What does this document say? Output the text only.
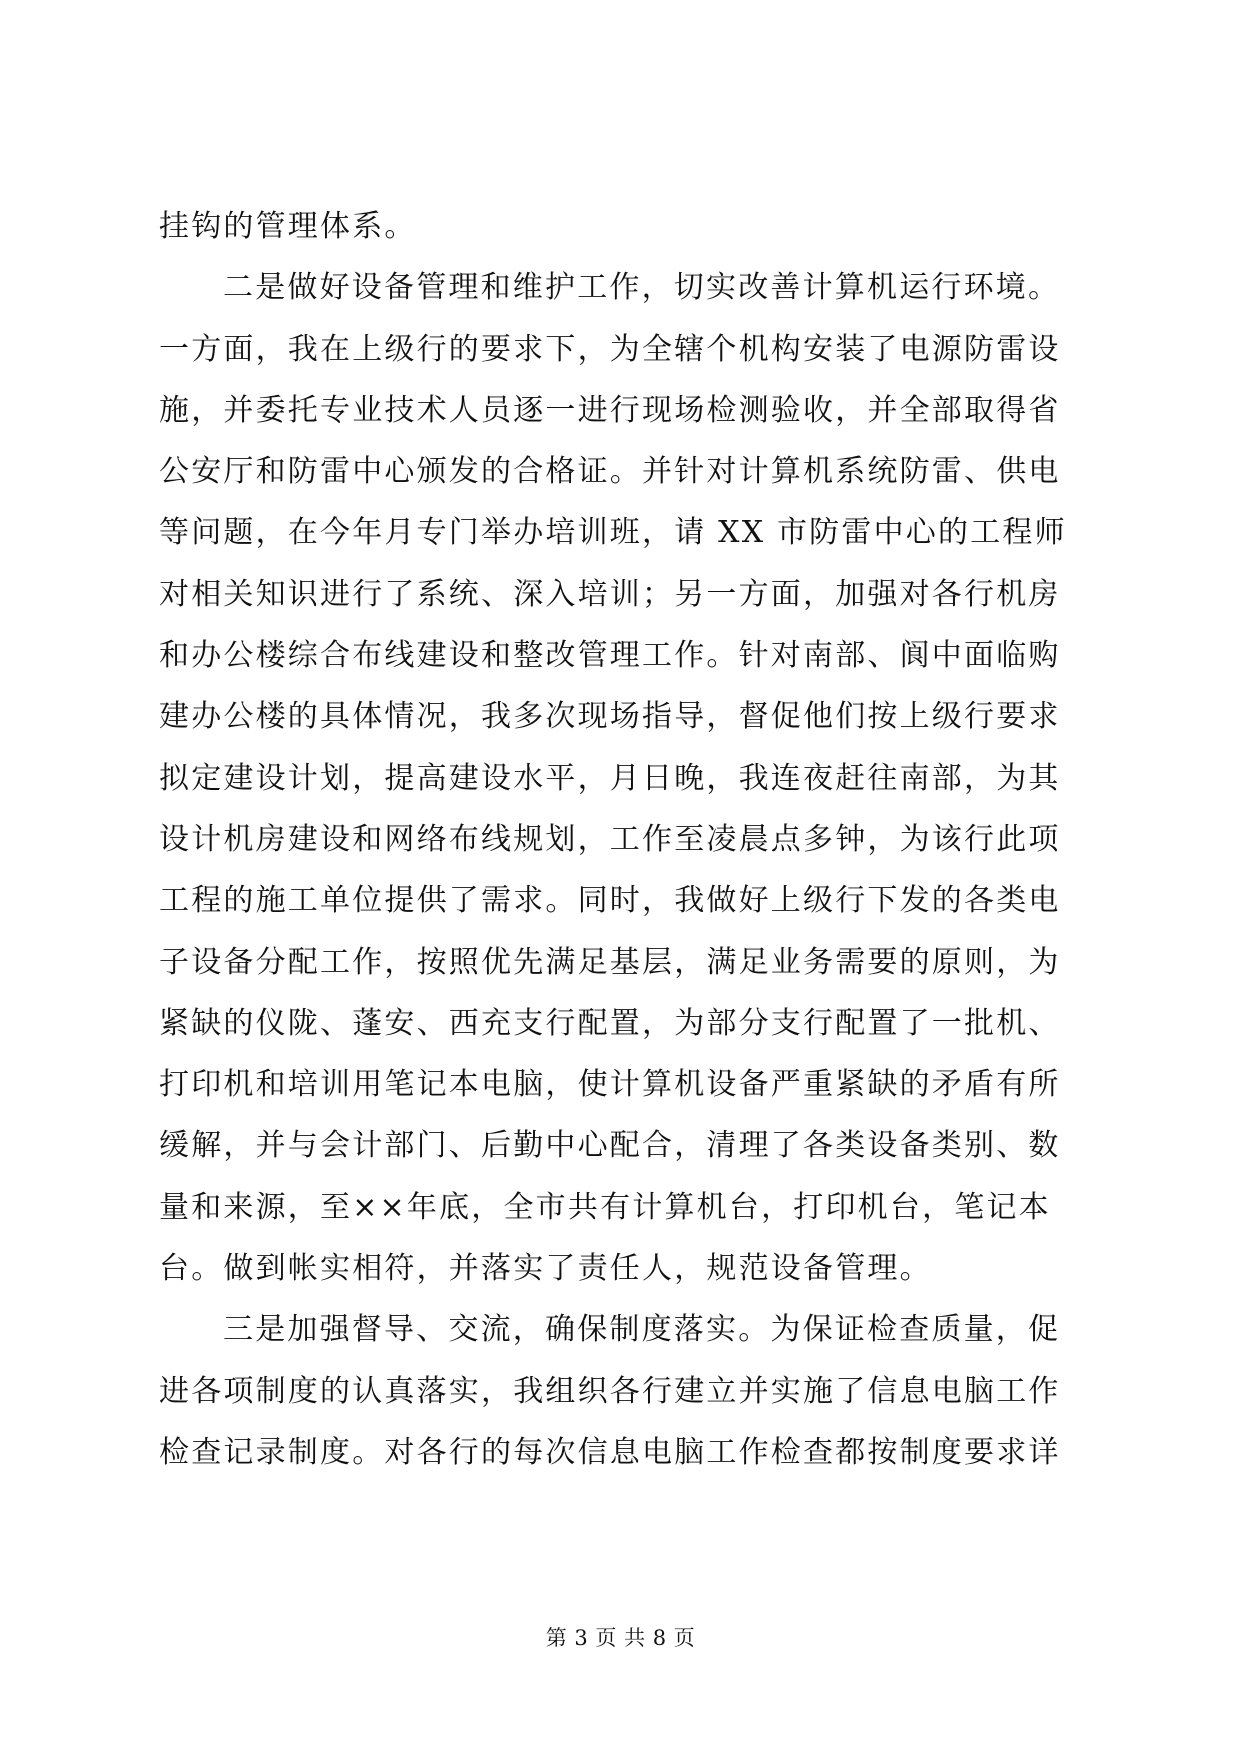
挂钩的管理体系。
二是做好设备管理和维护工作，切实改善计算机运行环境。
一方面，我在上级行的要求下，为全辖个机构安装了电源防雷设
施，并委托专业技术人员逐一进行现场检测验收，并全部取得省
公安厅和防雷中心颁发的合格证。并针对计算机系统防雷、供电
等问题，在今年月专门举办培训班，请 XX 市防雷中心的工程师
对相关知识进行了系统、深入培训；另一方面，加强对各行机房
和办公楼综合布线建设和整改管理工作。针对南部、阆中面临购
建办公楼的具体情况，我多次现场指导，督促他们按上级行要求
拟定建设计划，提高建设水平，月日晚，我连夜赶往南部，为其
设计机房建设和网络布线规划，工作至凌晨点多钟，为该行此项
工程的施工单位提供了需求。同时，我做好上级行下发的各类电
子设备分配工作，按照优先满足基层，满足业务需要的原则，为
紧缺的仪陇、蓬安、西充支行配置，为部分支行配置了一批机、
打印机和培训用笔记本电脑，使计算机设备严重紧缺的矛盾有所
缓解，并与会计部门、后勤中心配合，清理了各类设备类别、数
量和来源，至××年底，全市共有计算机台，打印机台，笔记本
台。做到帐实相符，并落实了责任人，规范设备管理。
三是加强督导、交流，确保制度落实。为保证检查质量，促
进各项制度的认真落实，我组织各行建立并实施了信息电脑工作
检查记录制度。对各行的每次信息电脑工作检查都按制度要求详
第 3 页 共 8 页
